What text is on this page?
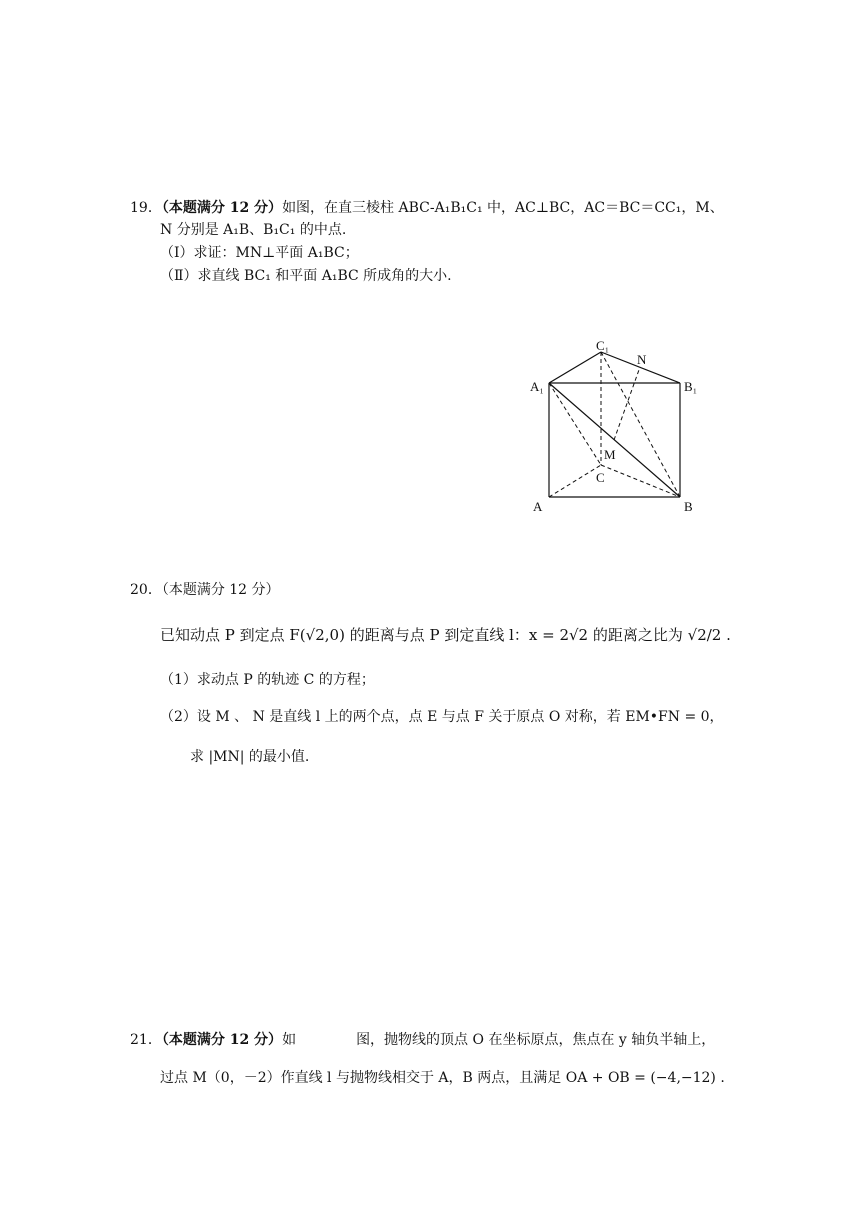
19．（本题满分 12 分）如图，在直三棱柱 ABC-A₁B₁C₁ 中，AC⊥BC，AC＝BC＝CC₁，M、
N 分别是 A₁B、B₁C₁ 的中点.
（Ⅰ）求证：MN⊥平面 A₁BC；
（Ⅱ）求直线 BC₁ 和平面 A₁BC 所成角的大小.
C₁
N
A₁	B₁
M
C
A	B
20．（本题满分 12 分）
已知动点 P 到定点 F(√2,0) 的距离与点 P 到定直线 l：x = 2√2 的距离之比为 √2/2 .
（1）求动点 P 的轨迹 C 的方程；
（2）设 M 、 N 是直线 l 上的两个点，点 E 与点 F 关于原点 O 对称，若 EM•FN = 0，
求 |MN| 的最小值.
21．（本题满分 12 分）如	图，抛物线的顶点 O 在坐标原点，焦点在 y 轴负半轴上，
过点 M（0，－2）作直线 l 与抛物线相交于 A，B 两点，且满足 OA + OB = (−4,−12) .
